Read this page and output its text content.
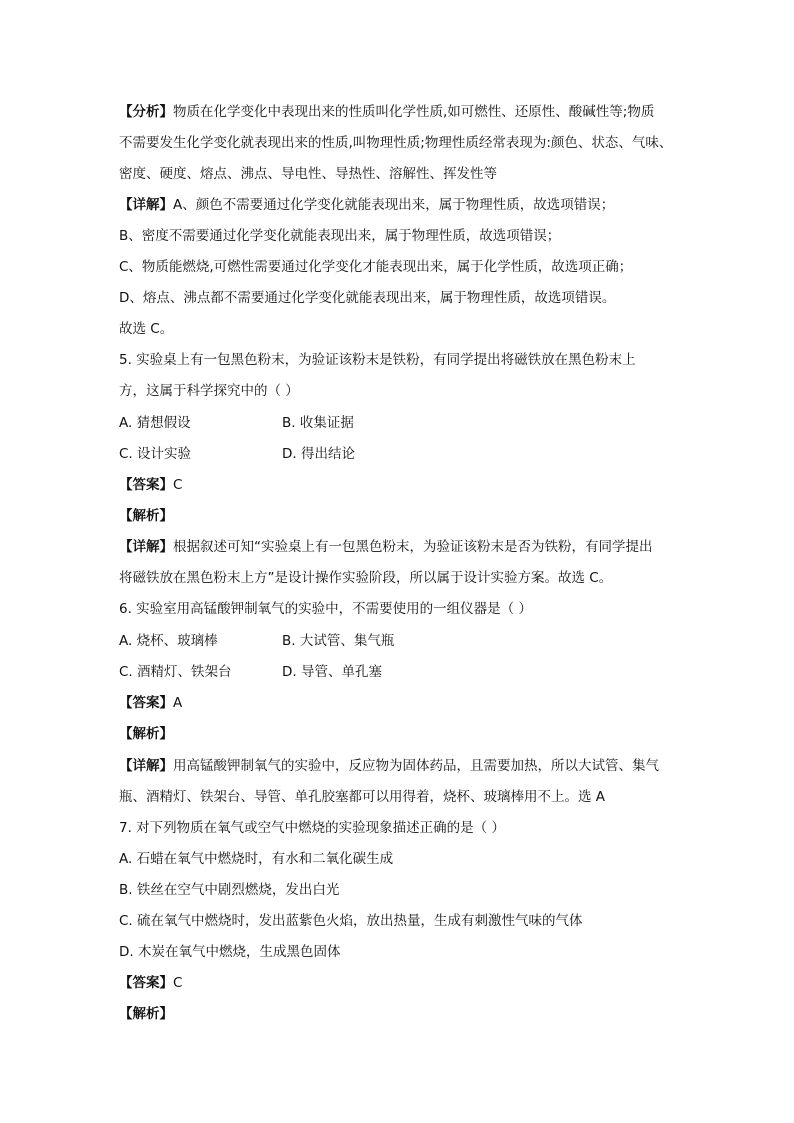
【分析】物质在化学变化中表现出来的性质叫化学性质,如可燃性、还原性、酸碱性等;物质
不需要发生化学变化就表现出来的性质,叫物理性质;物理性质经常表现为:颜色、状态、气味、
密度、硬度、熔点、沸点、导电性、导热性、溶解性、挥发性等
【详解】A、颜色不需要通过化学变化就能表现出来，属于物理性质，故选项错误；
B、密度不需要通过化学变化就能表现出来，属于物理性质，故选项错误；
C、物质能燃烧,可燃性需要通过化学变化才能表现出来，属于化学性质，故选项正确；
D、熔点、沸点都不需要通过化学变化就能表现出来，属于物理性质，故选项错误。
故选 C。
5. 实验桌上有一包黑色粉末，为验证该粉末是铁粉，有同学提出将磁铁放在黑色粉末上
方，这属于科学探究中的（ ）
A. 猜想假设	B. 收集证据
C. 设计实验	D. 得出结论
【答案】C
【解析】
【详解】根据叙述可知“实验桌上有一包黑色粉末，为验证该粉末是否为铁粉，有同学提出
将磁铁放在黑色粉末上方”是设计操作实验阶段，所以属于设计实验方案。故选 C。
6. 实验室用高锰酸钾制氧气的实验中，不需要使用的一组仪器是（ ）
A. 烧杯、玻璃棒	B. 大试管、集气瓶
C. 酒精灯、铁架台	D. 导管、单孔塞
【答案】A
【解析】
【详解】用高锰酸钾制氧气的实验中，反应物为固体药品，且需要加热，所以大试管、集气
瓶、酒精灯、铁架台、导管、单孔胶塞都可以用得着，烧杯、玻璃棒用不上。选 A
7. 对下列物质在氧气或空气中燃烧的实验现象描述正确的是（ ）
A. 石蜡在氧气中燃烧时，有水和二氧化碳生成
B. 铁丝在空气中剧烈燃烧，发出白光
C. 硫在氧气中燃烧时，发出蓝紫色火焰，放出热量，生成有刺激性气味的气体
D. 木炭在氧气中燃烧，生成黑色固体
【答案】C
【解析】
